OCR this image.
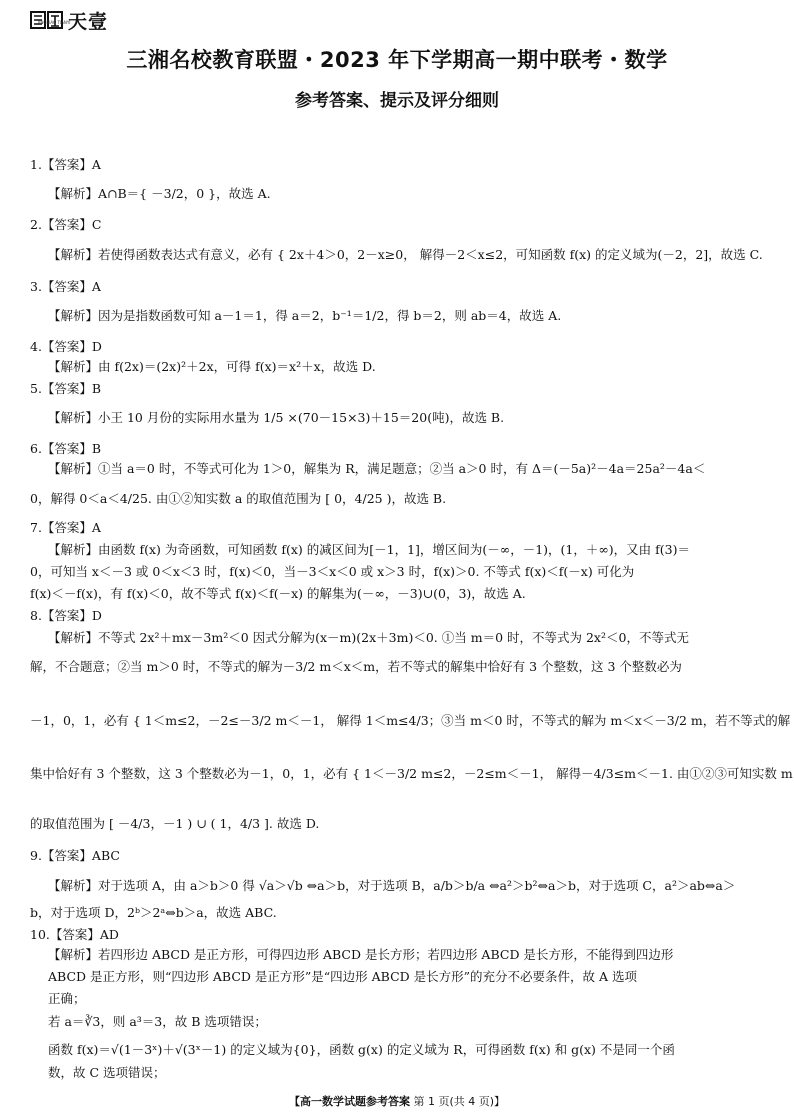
天壹
JINGBIAO TIANYI
三湘名校教育联盟・2023 年下学期高一期中联考・数学
参考答案、提示及评分细则
1.【答案】A
【解析】A∩B＝{ －3/2，0 }，故选 A.
2.【答案】C
【解析】若使得函数表达式有意义，必有 { 2x＋4＞0，2－x≥0， 解得－2＜x≤2，可知函数 f(x) 的定义域为(－2，2]，故选 C.
3.【答案】A
【解析】因为是指数函数可知 a－1＝1，得 a＝2，b⁻¹＝1/2，得 b＝2，则 ab＝4，故选 A.
4.【答案】D
【解析】由 f(2x)＝(2x)²＋2x，可得 f(x)＝x²＋x，故选 D.
5.【答案】B
【解析】小王 10 月份的实际用水量为 1/5 ×(70－15×3)＋15＝20(吨)，故选 B.
6.【答案】B
【解析】①当 a＝0 时，不等式可化为 1＞0，解集为 R，满足题意；②当 a＞0 时，有 Δ＝(－5a)²－4a＝25a²－4a＜
0，解得 0＜a＜4/25. 由①②知实数 a 的取值范围为 [ 0，4/25 )，故选 B.
7.【答案】A
【解析】由函数 f(x) 为奇函数，可知函数 f(x) 的减区间为[－1，1]，增区间为(－∞，－1)，(1，＋∞)，又由 f(3)＝
0，可知当 x＜－3 或 0＜x＜3 时，f(x)＜0，当－3＜x＜0 或 x＞3 时，f(x)＞0. 不等式 f(x)＜f(－x) 可化为
f(x)＜－f(x)，有 f(x)＜0，故不等式 f(x)＜f(－x) 的解集为(－∞，－3)∪(0，3)，故选 A.
8.【答案】D
【解析】不等式 2x²＋mx－3m²＜0 因式分解为(x－m)(2x＋3m)＜0. ①当 m＝0 时，不等式为 2x²＜0，不等式无
解，不合题意；②当 m＞0 时，不等式的解为－3/2 m＜x＜m，若不等式的解集中恰好有 3 个整数，这 3 个整数必为
－1，0，1，必有 { 1＜m≤2，－2≤－3/2 m＜－1， 解得 1＜m≤4/3；③当 m＜0 时，不等式的解为 m＜x＜－3/2 m，若不等式的解
集中恰好有 3 个整数，这 3 个整数必为－1，0，1，必有 { 1＜－3/2 m≤2，－2≤m＜－1， 解得－4/3≤m＜－1. 由①②③可知实数 m
的取值范围为 [ －4/3，－1 ) ∪ ( 1，4/3 ]. 故选 D.
9.【答案】ABC
【解析】对于选项 A，由 a＞b＞0 得 √a＞√b ⇔a＞b，对于选项 B，a/b＞b/a ⇔a²＞b²⇔a＞b，对于选项 C，a²＞ab⇔a＞
b，对于选项 D，2ᵇ＞2ᵃ⇔b＞a，故选 ABC.
10.【答案】AD
【解析】若四形边 ABCD 是正方形，可得四边形 ABCD 是长方形；若四边形 ABCD 是长方形，不能得到四边形
ABCD 是正方形，则“四边形 ABCD 是正方形”是“四边形 ABCD 是长方形”的充分不必要条件，故 A 选项
正确；
若 a＝∛3，则 a³＝3，故 B 选项错误；
函数 f(x)＝√(1－3ˣ)＋√(3ˣ－1) 的定义域为{0}，函数 g(x) 的定义域为 R，可得函数 f(x) 和 g(x) 不是同一个函
数，故 C 选项错误；
【高一数学试题参考答案 第 1 页(共 4 页)】
